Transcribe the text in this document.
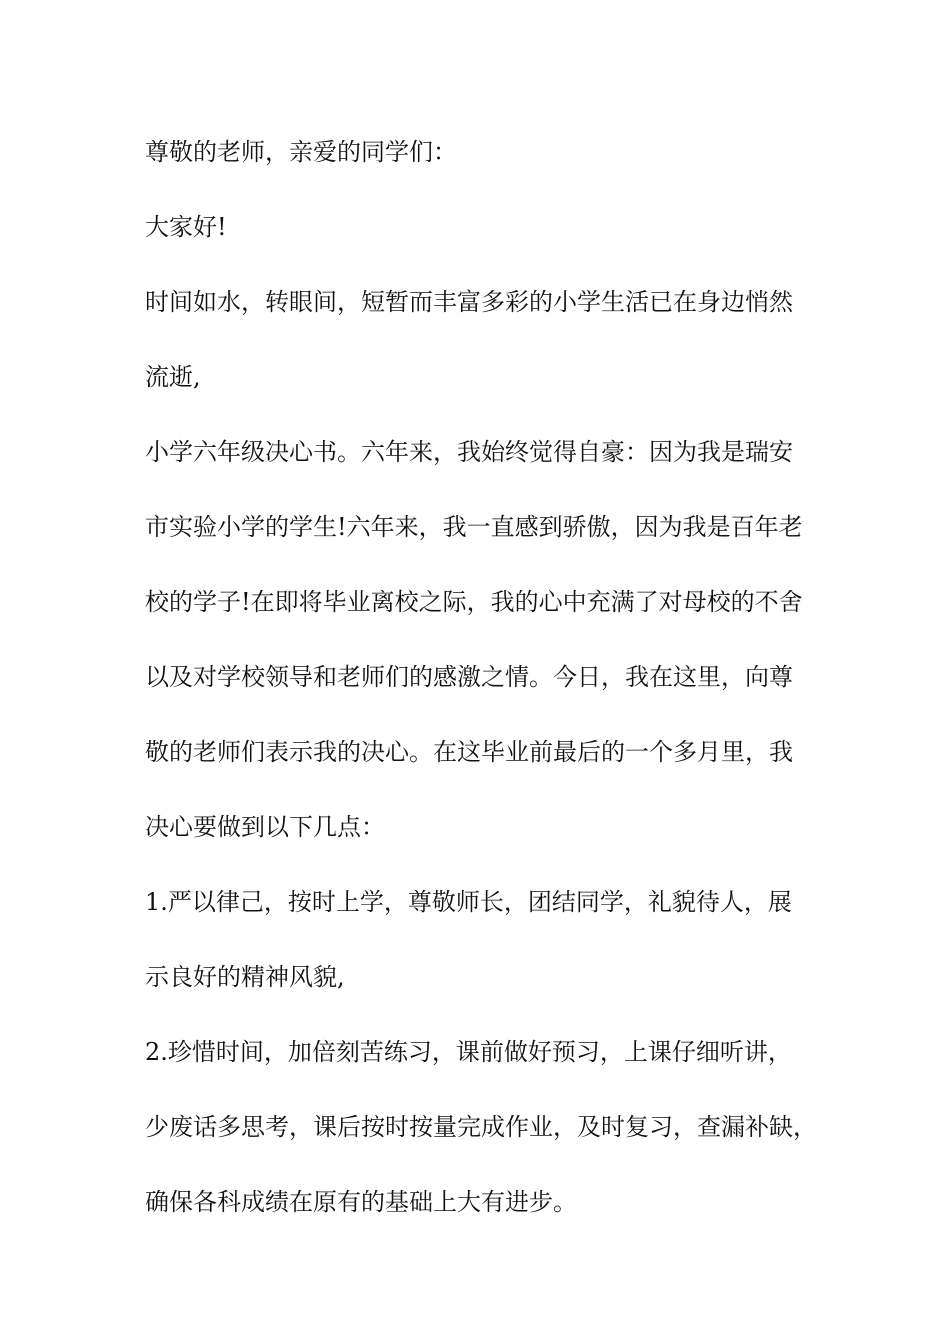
尊敬的老师，亲爱的同学们：
大家好!
时间如水，转眼间，短暂而丰富多彩的小学生活已在身边悄然
流逝,
小学六年级决心书。六年来，我始终觉得自豪：因为我是瑞安
市实验小学的学生!六年来，我一直感到骄傲，因为我是百年老
校的学子!在即将毕业离校之际，我的心中充满了对母校的不舍
以及对学校领导和老师们的感激之情。今日，我在这里，向尊
敬的老师们表示我的决心。在这毕业前最后的一个多月里，我
决心要做到以下几点：
1.严以律己，按时上学，尊敬师长，团结同学，礼貌待人，展
示良好的精神风貌,
2.珍惜时间，加倍刻苦练习，课前做好预习，上课仔细听讲，
少废话多思考，课后按时按量完成作业，及时复习，查漏补缺，
确保各科成绩在原有的基础上大有进步。
